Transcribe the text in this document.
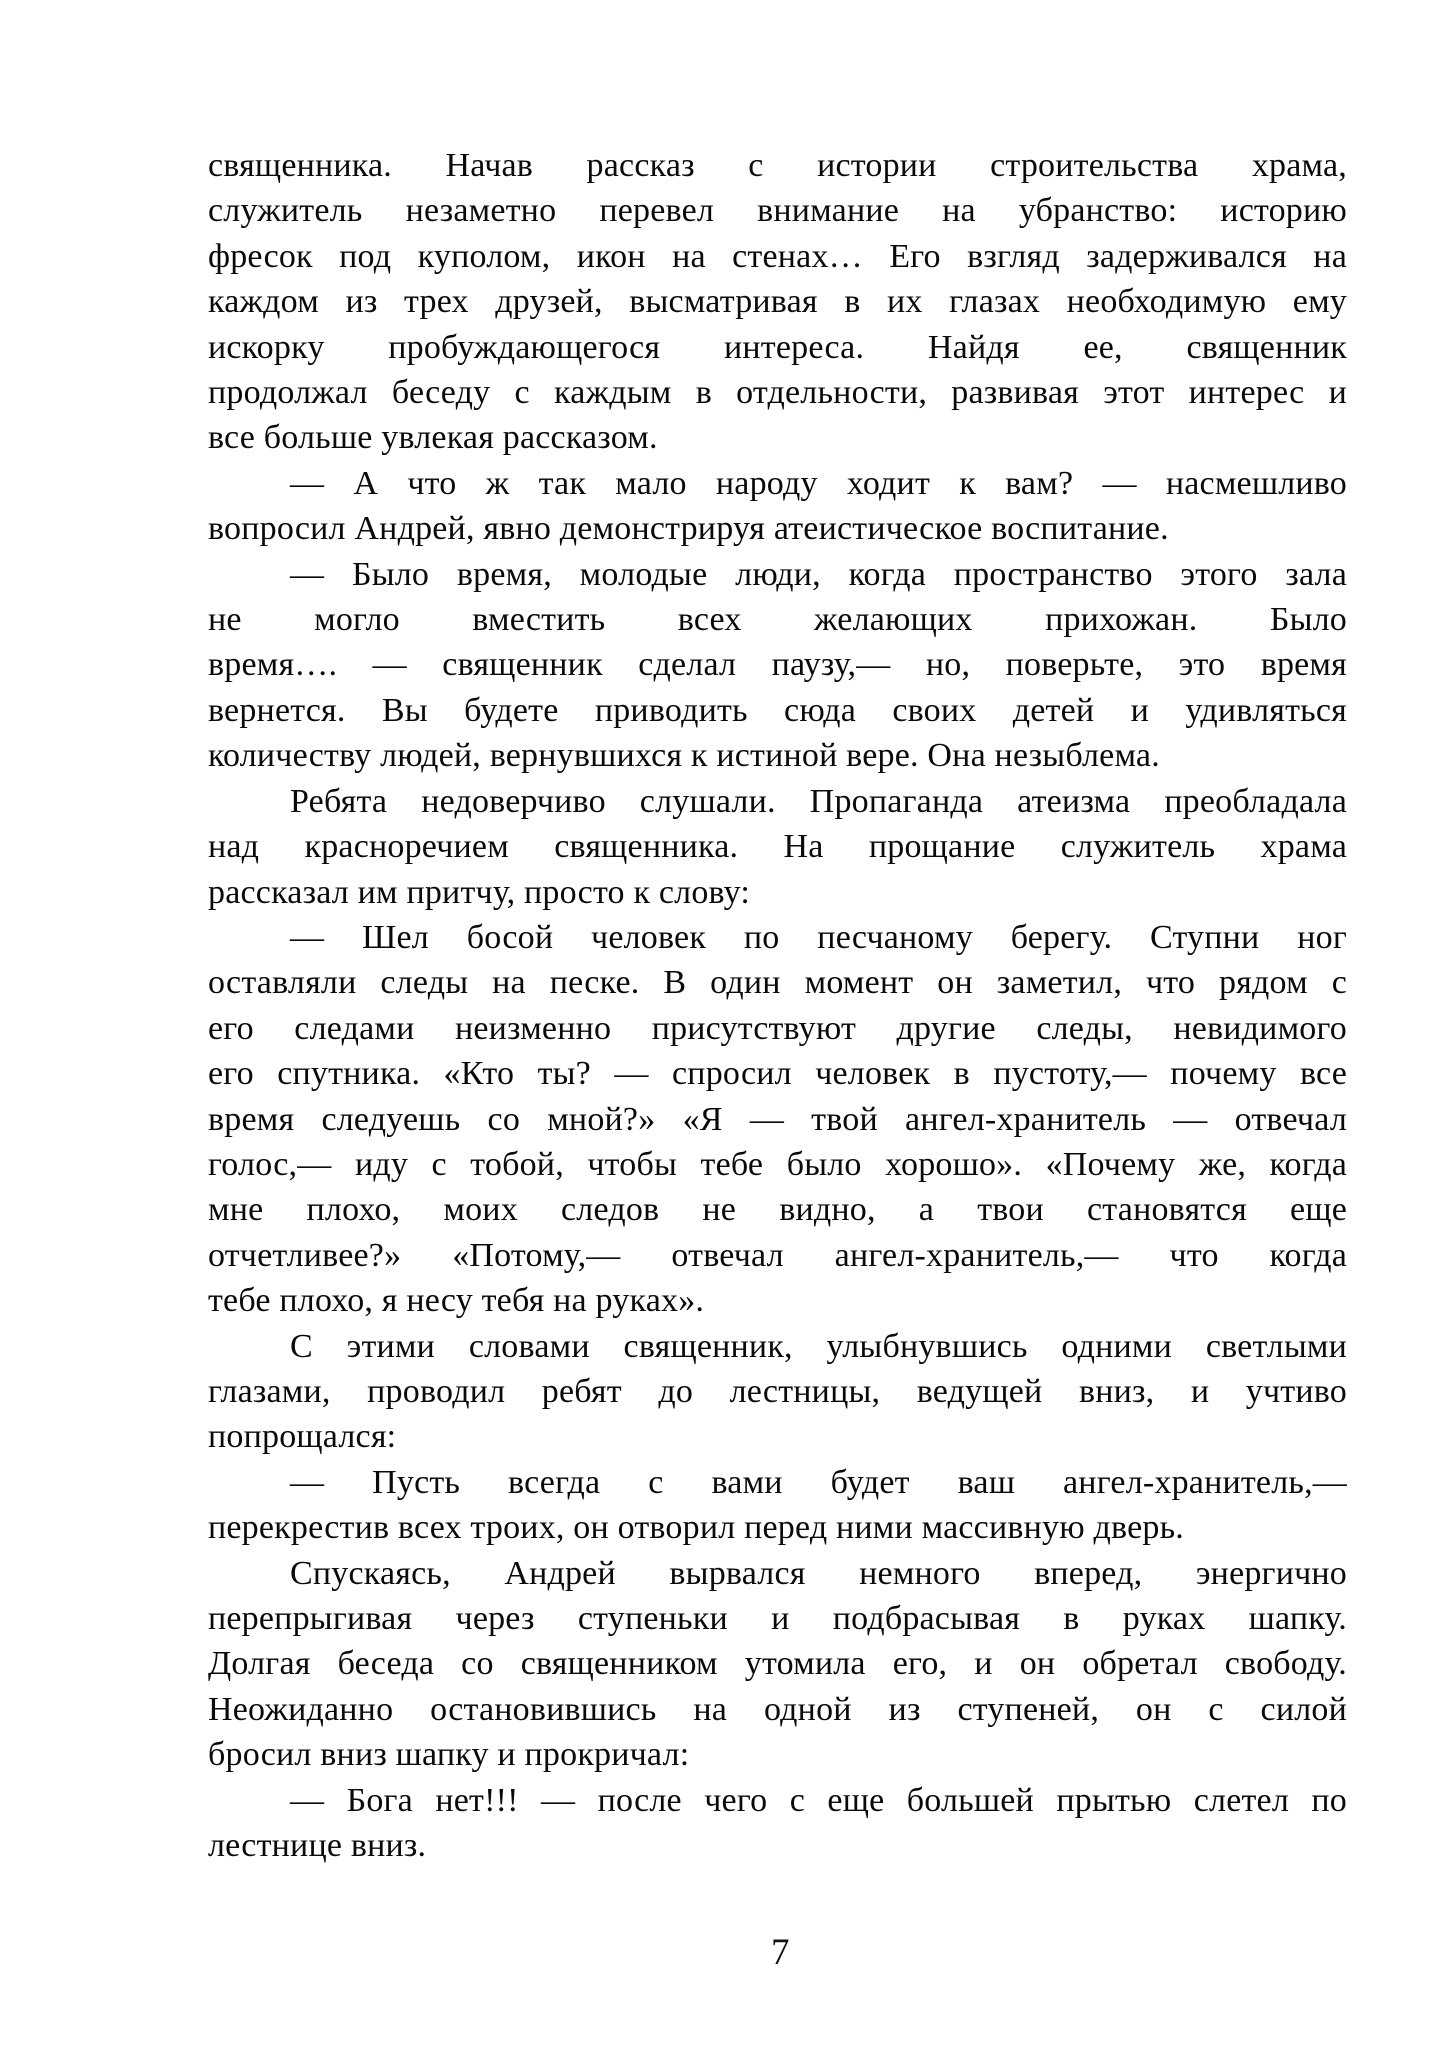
священника. Начав рассказ с истории строительства храма,
служитель незаметно перевел внимание на убранство: историю
фресок под куполом, икон на стенах… Его взгляд задерживался на
каждом из трех друзей, высматривая в их глазах необходимую ему
искорку пробуждающегося интереса. Найдя ее, священник
продолжал беседу с каждым в отдельности, развивая этот интерес и
все больше увлекая рассказом.
— А что ж так мало народу ходит к вам? — насмешливо
вопросил Андрей, явно демонстрируя атеистическое воспитание.
— Было время, молодые люди, когда пространство этого зала
не могло вместить всех желающих прихожан. Было
время…. — священник сделал паузу,— но, поверьте, это время
вернется. Вы будете приводить сюда своих детей и удивляться
количеству людей, вернувшихся к истиной вере. Она незыблема.
Ребята недоверчиво слушали. Пропаганда атеизма преобладала
над красноречием священника. На прощание служитель храма
рассказал им притчу, просто к слову:
— Шел босой человек по песчаному берегу. Ступни ног
оставляли следы на песке. В один момент он заметил, что рядом с
его следами неизменно присутствуют другие следы, невидимого
его спутника. «Кто ты? — спросил человек в пустоту,— почему все
время следуешь со мной?» «Я — твой ангел-хранитель — отвечал
голос,— иду с тобой, чтобы тебе было хорошо». «Почему же, когда
мне плохо, моих следов не видно, а твои становятся еще
отчетливее?» «Потому,— отвечал ангел-хранитель,— что когда
тебе плохо, я несу тебя на руках».
С этими словами священник, улыбнувшись одними светлыми
глазами, проводил ребят до лестницы, ведущей вниз, и учтиво
попрощался:
— Пусть всегда с вами будет ваш ангел-хранитель,—
перекрестив всех троих, он отворил перед ними массивную дверь.
Спускаясь, Андрей вырвался немного вперед, энергично
перепрыгивая через ступеньки и подбрасывая в руках шапку.
Долгая беседа со священником утомила его, и он обретал свободу.
Неожиданно остановившись на одной из ступеней, он с силой
бросил вниз шапку и прокричал:
— Бога нет!!! — после чего с еще большей прытью слетел по
лестнице вниз.
7
